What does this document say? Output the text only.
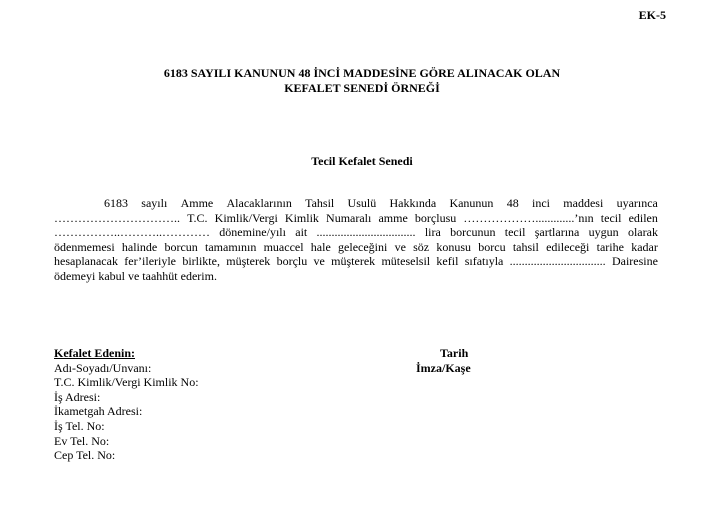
EK-5
6183 SAYILI KANUNUN 48 İNCİ MADDESİNE GÖRE ALINACAK OLAN
KEFALET SENEDİ ÖRNEĞİ
Tecil Kefalet Senedi
6183 sayılı Amme Alacaklarının Tahsil Usulü Hakkında Kanunun 48 inci maddesi uyarınca
………………………….. T.C. Kimlik/Vergi Kimlik Numaralı amme borçlusu ……………….............’nın tecil edilen
……………..………..………… dönemine/yılı ait ................................. lira borcunun tecil şartlarına uygun olarak
ödenmemesi halinde borcun tamamının muaccel hale geleceğini ve söz konusu borcu tahsil edileceği tarihe kadar
hesaplanacak fer’ileriyle birlikte, müşterek borçlu ve müşterek müteselsil kefil sıfatıyla ................................ Dairesine
ödemeyi kabul ve taahhüt ederim.
Kefalet Edenin:
Adı-Soyadı/Unvanı:
T.C. Kimlik/Vergi Kimlik No:
İş Adresi:
İkametgah Adresi:
İş Tel. No:
Ev Tel. No:
Cep Tel. No:
Tarih
İmza/Kaşe
